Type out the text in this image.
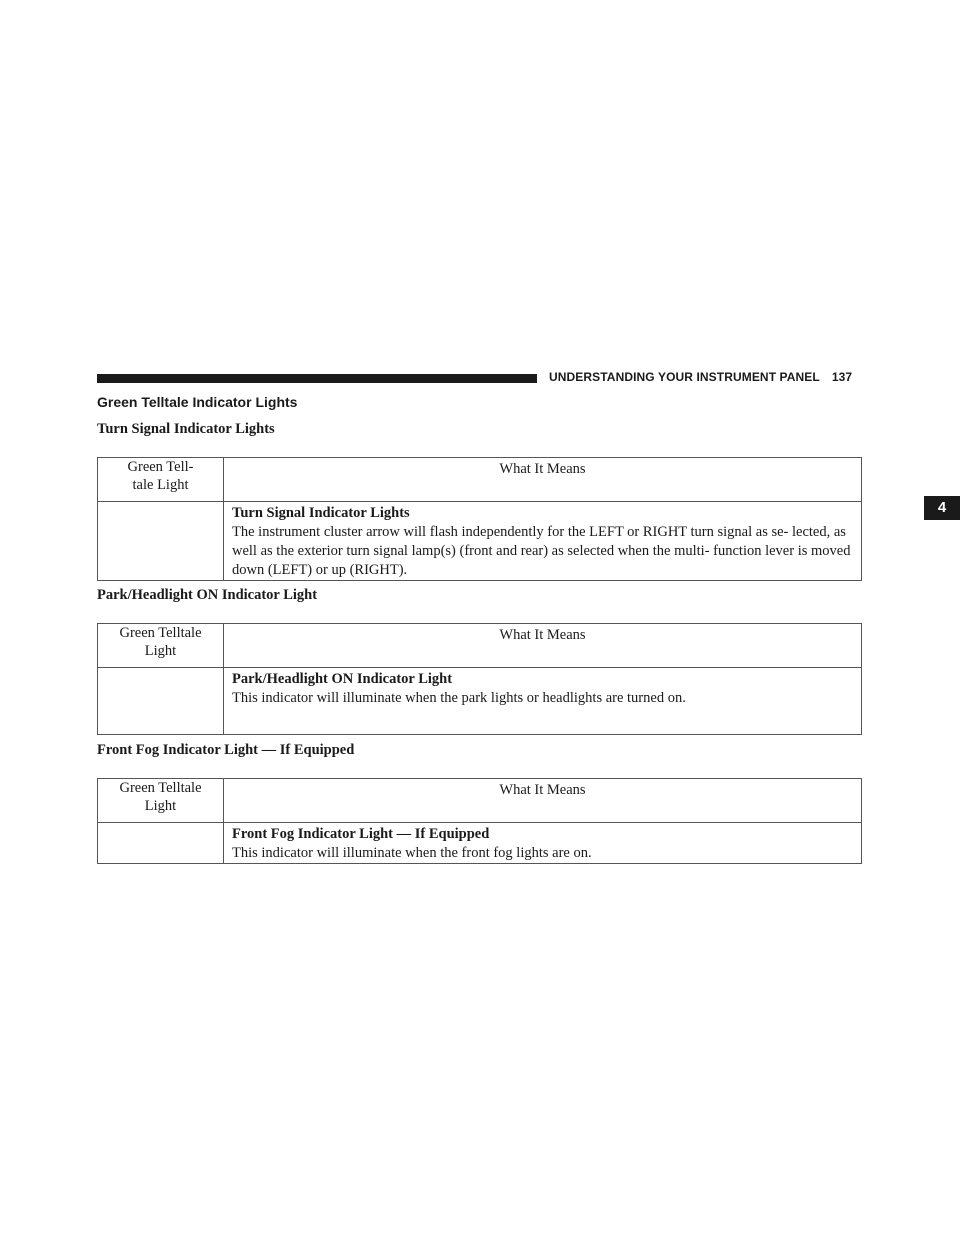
UNDERSTANDING YOUR INSTRUMENT PANEL 137
4
Green Telltale Indicator Lights
Turn Signal Indicator Lights
Green Tell- tale Light	What It Means

	Turn Signal Indicator Lights
The instrument cluster arrow will flash independently for the LEFT or RIGHT turn signal as se- lected, as well as the exterior turn signal lamp(s) (front and rear) as selected when the multi- function lever is moved down (LEFT) or up (RIGHT).
Park/Headlight ON Indicator Light
Green Telltale Light	What It Means

	Park/Headlight ON Indicator Light
This indicator will illuminate when the park lights or headlights are turned on.
Front Fog Indicator Light — If Equipped
Green Telltale Light	What It Means

	Front Fog Indicator Light — If Equipped
This indicator will illuminate when the front fog lights are on.
